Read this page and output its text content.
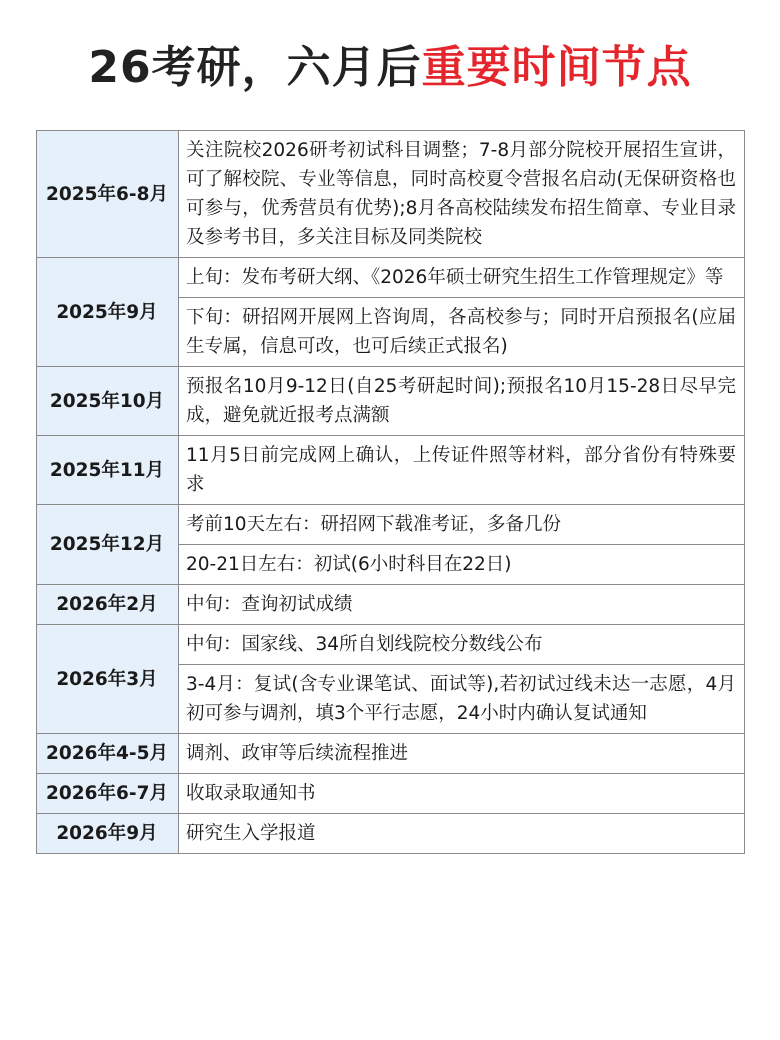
26考研，六月后重要时间节点
2025年6-8月	关注院校2026研考初试科目调整；7-8月部分院校开展招生宣讲，可了解校院、专业等信息，同时高校夏令营报名启动(无保研资格也可参与，优秀营员有优势);8月各高校陆续发布招生简章、专业目录及参考书目，多关注目标及同类院校
2025年9月	上旬：发布考研大纲、《2026年硕士研究生招生工作管理规定》等
	下旬：研招网开展网上咨询周，各高校参与；同时开启预报名(应届生专属，信息可改，也可后续正式报名)
2025年10月	预报名10月9-12日(自25考研起时间);预报名10月15-28日尽早完成，避免就近报考点满额
2025年11月	11月5日前完成网上确认，上传证件照等材料，部分省份有特殊要求
2025年12月	考前10天左右：研招网下载准考证，多备几份
	20-21日左右：初试(6小时科目在22日)
2026年2月	中旬：查询初试成绩
2026年3月	中旬：国家线、34所自划线院校分数线公布
	3-4月：复试(含专业课笔试、面试等),若初试过线未达一志愿，4月初可参与调剂，填3个平行志愿，24小时内确认复试通知
2026年4-5月	调剂、政审等后续流程推进
2026年6-7月	收取录取通知书
2026年9月	研究生入学报道
